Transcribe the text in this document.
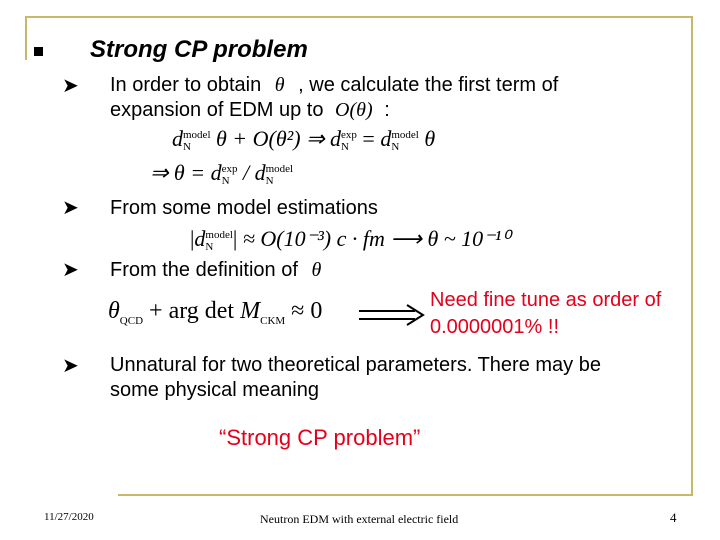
Strong CP problem
➤ In order to obtain θ , we calculate the first term of
expansion of EDM up to O(θ) :
dmodel
N θ + O(θ²) ⇒ dexp
N = dmodel
N θ
⇒ θ = dexp
N / dmodel
N
➤ From some model estimations
|dmodel
N | ≈ O(10⁻³) c · fm ⟶ θ ~ 10⁻¹⁰
➤ From the definition of θ
$\theta_{QCD}$ + arg $\det M_{CKM} \approx 0$	Need fine tune as order of
0.0000001% !!
➤ Unnatural for two theoretical parameters. There may be
some physical meaning
“Strong CP problem”
11/27/2020	Neutron EDM with external electric field	4
